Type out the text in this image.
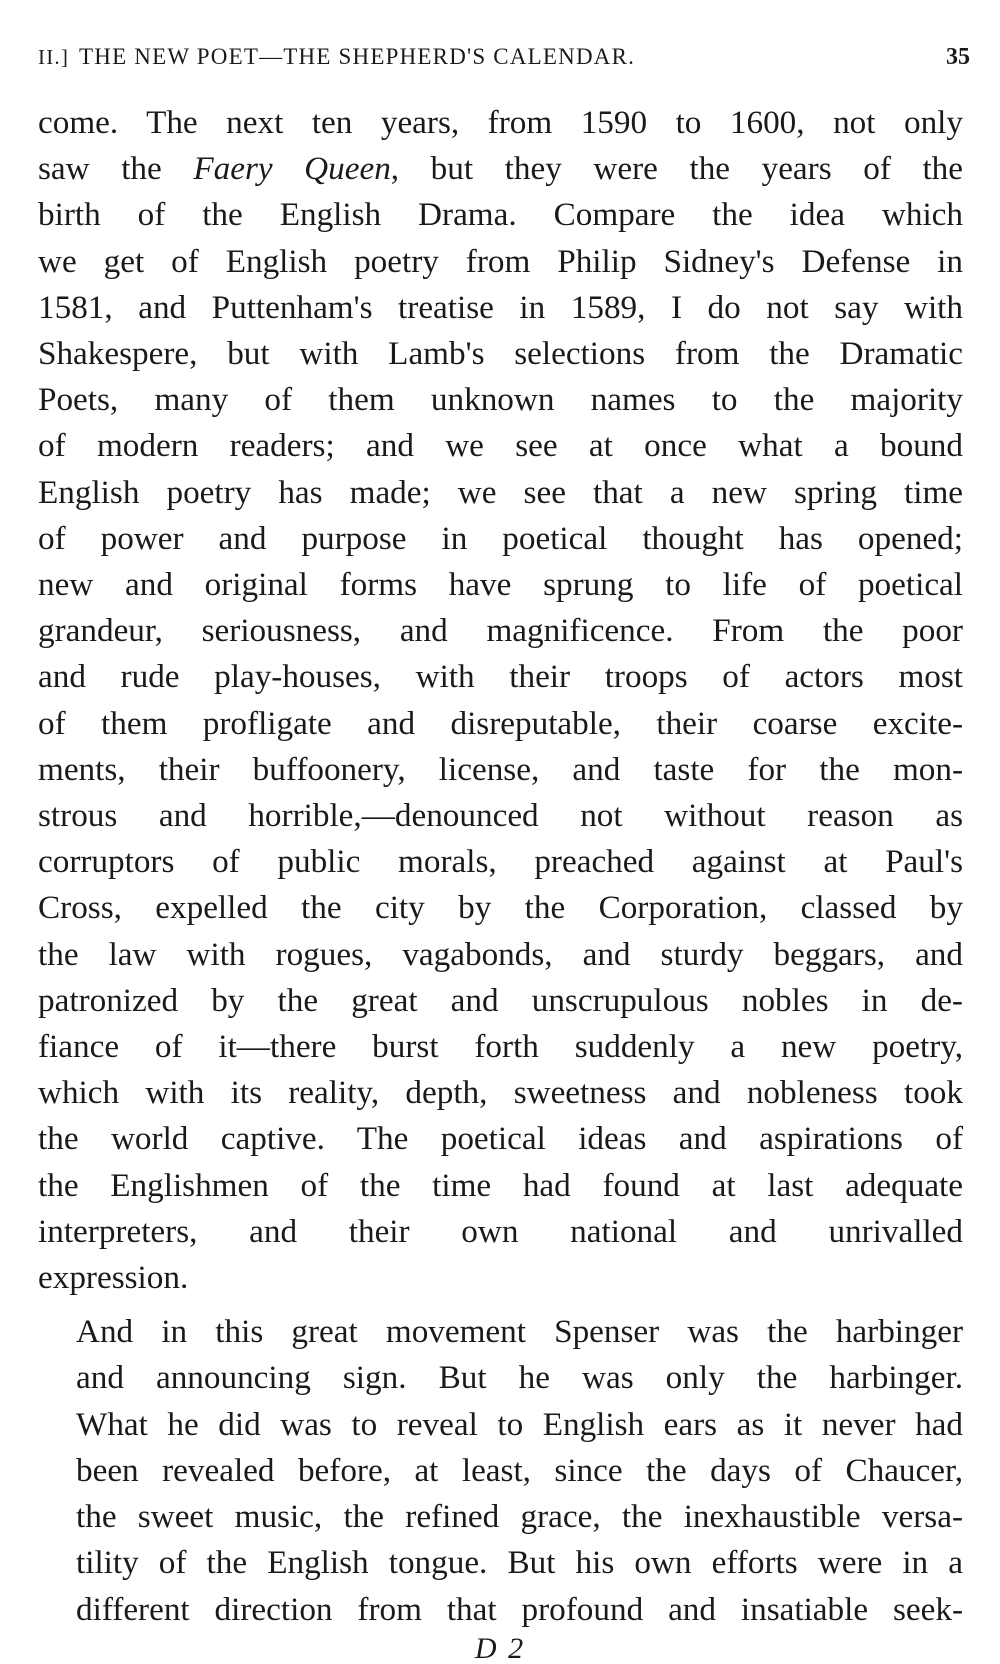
II.] THE NEW POET—THE SHEPHERD'S CALENDAR.	35

come. The next ten years, from 1590 to 1600, not only
saw the Faery Queen, but they were the years of the
birth of the English Drama. Compare the idea which
we get of English poetry from Philip Sidney's Defense in
1581, and Puttenham's treatise in 1589, I do not say with
Shakespere, but with Lamb's selections from the Dramatic
Poets, many of them unknown names to the majority
of modern readers; and we see at once what a bound
English poetry has made; we see that a new spring time
of power and purpose in poetical thought has opened;
new and original forms have sprung to life of poetical
grandeur, seriousness, and magnificence. From the poor
and rude play-houses, with their troops of actors most
of them profligate and disreputable, their coarse excite-
ments, their buffoonery, license, and taste for the mon-
strous and horrible,—denounced not without reason as
corruptors of public morals, preached against at Paul's
Cross, expelled the city by the Corporation, classed by
the law with rogues, vagabonds, and sturdy beggars, and
patronized by the great and unscrupulous nobles in de-
fiance of it—there burst forth suddenly a new poetry,
which with its reality, depth, sweetness and nobleness took
the world captive. The poetical ideas and aspirations of
the Englishmen of the time had found at last adequate
interpreters, and their own national and unrivalled
expression.

And in this great movement Spenser was the harbinger
and announcing sign. But he was only the harbinger.
What he did was to reveal to English ears as it never had
been revealed before, at least, since the days of Chaucer,
the sweet music, the refined grace, the inexhaustible versa-
tility of the English tongue. But his own efforts were in a
different direction from that profound and insatiable seek-

D 2
